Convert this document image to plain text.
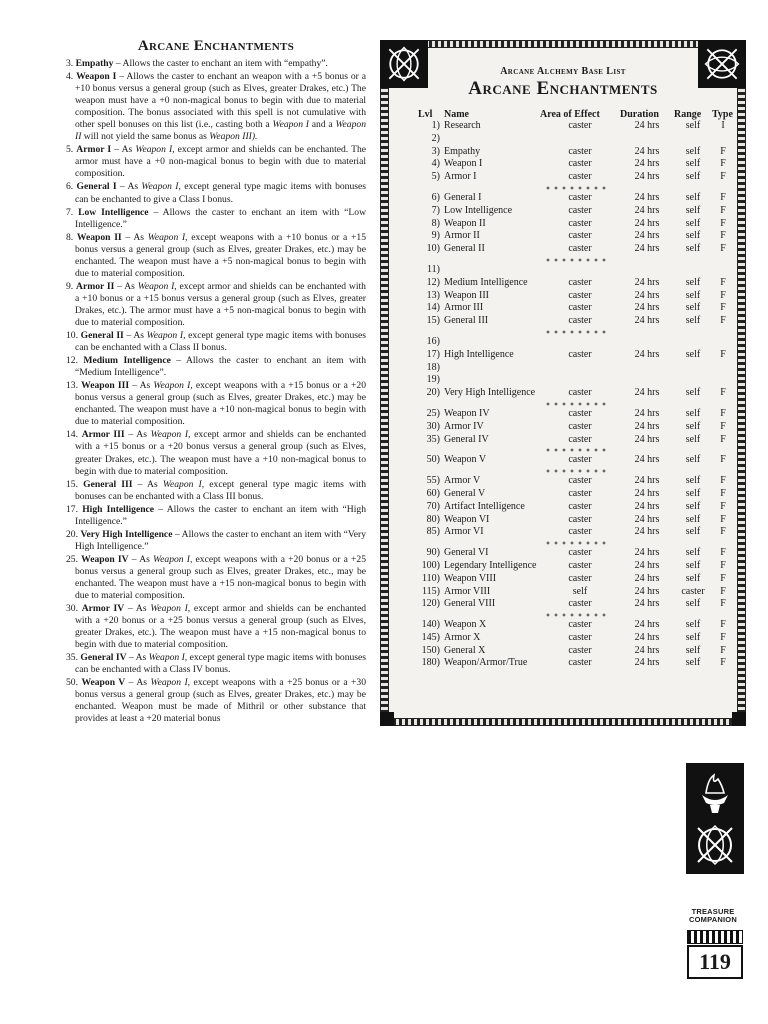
Arcane Enchantments

3. Empathy – Allows the caster to enchant an item with “empathy”.

4. Weapon I – Allows the caster to enchant an weapon with a +5 bonus or a +10 bonus versus a general group (such as Elves, greater Drakes, etc.) The weapon must have a +0 non-magical bonus to begin with due to material composition. The bonus associated with this spell is not cumulative with other spell bonuses on this list (i.e., casting both a Weapon I and a Weapon II will not yield the same bonus as Weapon III).

5. Armor I – As Weapon I, except armor and shields can be enchanted. The armor must have a +0 non-magical bonus to begin with due to material composition.

6. General I – As Weapon I, except general type magic items with bonuses can be enchanted to give a Class I bonus.

7. Low Intelligence – Allows the caster to enchant an item with “Low Intelligence.”

8. Weapon II – As Weapon I, except weapons with a +10 bonus or a +15 bonus versus a general group (such as Elves, greater Drakes, etc.) may be enchanted. The weapon must have a +5 non-magical bonus to begin with due to material composition.

9. Armor II – As Weapon I, except armor and shields can be enchanted with a +10 bonus or a +15 bonus versus a general group (such as Elves, greater Drakes, etc.). The armor must have a +5 non-magical bonus to begin with due to material composition.

10. General II – As Weapon I, except general type magic items with bonuses can be enchanted with a Class II bonus.

12. Medium Intelligence – Allows the caster to enchant an item with “Medium Intelligence”.

13. Weapon III – As Weapon I, except weapons with a +15 bonus or a +20 bonus versus a general group (such as Elves, greater Drakes, etc.) may be enchanted. The weapon must have a +10 non-magical bonus to begin with due to material composition.

14. Armor III – As Weapon I, except armor and shields can be enchanted with a +15 bonus or a +20 bonus versus a general group (such as Elves, greater Drakes, etc.). The weapon must have a +10 non-magical bonus to begin with due to material composition.

15. General III – As Weapon I, except general type magic items with bonuses can be enchanted with a Class III bonus.

17. High Intelligence – Allows the caster to enchant an item with “High Intelligence.”

20. Very High Intelligence – Allows the caster to enchant an item with “Very High Intelligence.”

25. Weapon IV – As Weapon I, except weapons with a +20 bonus or a +25 bonus versus a general group such as Elves, greater Drakes, etc., may be enchanted. The weapon must have a +15 non-magical bonus to begin with due to material composition.

30. Armor IV – As Weapon I, except armor and shields can be enchanted with a +20 bonus or a +25 bonus versus a general group (such as Elves, greater Drakes, etc.). The weapon must have a +15 non-magical bonus to begin with due to material composition.

35. General IV – As Weapon I, except general type magic items with bonuses can be enchanted with a Class IV bonus.

50. Weapon V – As Weapon I, except weapons with a +25 bonus or a +30 bonus versus a general group (such as Elves, greater Drakes, etc.) may be enchanted. Weapon must be made of Mithril or other substance that provides at least a +20 material bonus

Arcane Alchemy Base List
Arcane Enchantments
Lvl	Name	Area of Effect	Duration	Range	Type
1)	Research	caster	24 hrs	self	I
2)					
3)	Empathy	caster	24 hrs	self	F
4)	Weapon I	caster	24 hrs	self	F
5)	Armor I	caster	24 hrs	self	F

6)	General I	caster	24 hrs	self	F
7)	Low Intelligence	caster	24 hrs	self	F
8)	Weapon II	caster	24 hrs	self	F
9)	Armor II	caster	24 hrs	self	F
10)	General II	caster	24 hrs	self	F

11)					
12)	Medium Intelligence	caster	24 hrs	self	F
13)	Weapon III	caster	24 hrs	self	F
14)	Armor III	caster	24 hrs	self	F
15)	General III	caster	24 hrs	self	F

16)					
17)	High Intelligence	caster	24 hrs	self	F
18)					
19)					
20)	Very High Intelligence	caster	24 hrs	self	F

25)	Weapon IV	caster	24 hrs	self	F
30)	Armor IV	caster	24 hrs	self	F
35)	General IV	caster	24 hrs	self	F

50)	Weapon V	caster	24 hrs	self	F

55)	Armor V	caster	24 hrs	self	F
60)	General V	caster	24 hrs	self	F
70)	Artifact Intelligence	caster	24 hrs	self	F
80)	Weapon VI	caster	24 hrs	self	F
85)	Armor VI	caster	24 hrs	self	F

90)	General VI	caster	24 hrs	self	F
100)	Legendary Intelligence	caster	24 hrs	self	F
110)	Weapon VIII	caster	24 hrs	self	F
115)	Armor VIII	self	24 hrs	caster	F
120)	General VIII	caster	24 hrs	self	F

140)	Weapon X	caster	24 hrs	self	F
145)	Armor X	caster	24 hrs	self	F
150)	General X	caster	24 hrs	self	F
180)	Weapon/Armor/True	caster	24 hrs	self	F
TREASURE
COMPANION
119
